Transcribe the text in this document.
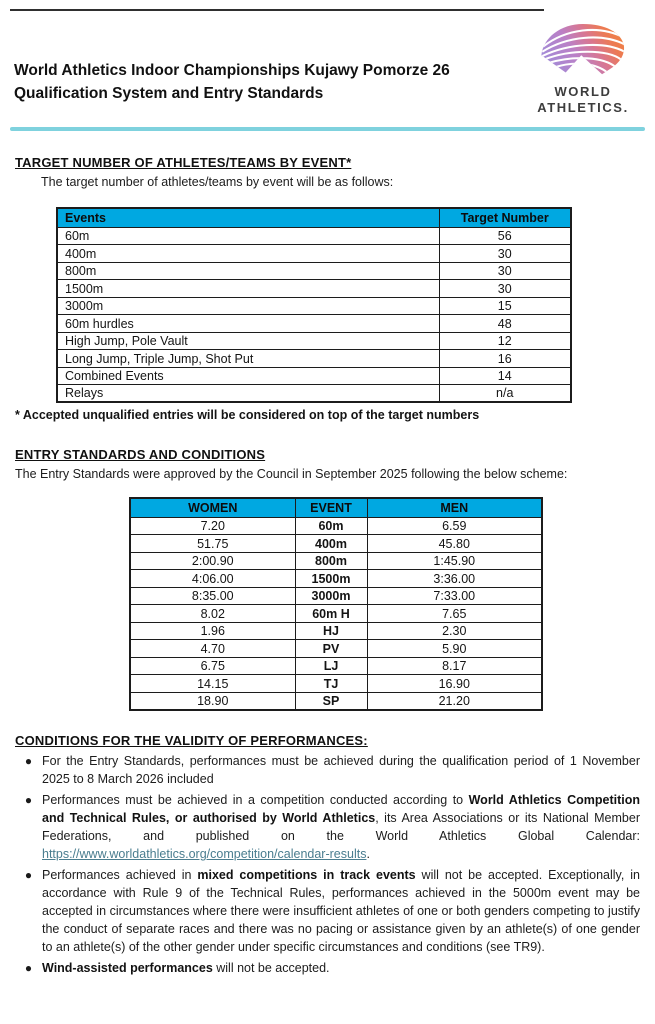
World Athletics Indoor Championships Kujawy Pomorze 26
Qualification System and Entry Standards	WORLD
ATHLETICS.
TARGET NUMBER OF ATHLETES/TEAMS BY EVENT*
The target number of athletes/teams by event will be as follows:
Events	Target Number
60m	56
400m	30
800m	30
1500m	30
3000m	15
60m hurdles	48
High Jump, Pole Vault	12
Long Jump, Triple Jump, Shot Put	16
Combined Events	14
Relays	n/a
* Accepted unqualified entries will be considered on top of the target numbers
ENTRY STANDARDS AND CONDITIONS
The Entry Standards were approved by the Council in September 2025 following the below scheme:
WOMEN	EVENT	MEN
7.20	60m	6.59
51.75	400m	45.80
2:00.90	800m	1:45.90
4:06.00	1500m	3:36.00
8:35.00	3000m	7:33.00
8.02	60m H	7.65
1.96	HJ	2.30
4.70	PV	5.90
6.75	LJ	8.17
14.15	TJ	16.90
18.90	SP	21.20
CONDITIONS FOR THE VALIDITY OF PERFORMANCES:
● For the Entry Standards, performances must be achieved during the qualification period of 1 November 2025 to 8 March 2026 included
● Performances must be achieved in a competition conducted according to World Athletics Competition and Technical Rules, or authorised by World Athletics, its Area Associations or its National Member Federations, and published on the World Athletics Global Calendar: https://www.worldathletics.org/competition/calendar-results.
● Performances achieved in mixed competitions in track events will not be accepted. Exceptionally, in accordance with Rule 9 of the Technical Rules, performances achieved in the 5000m event may be accepted in circumstances where there were insufficient athletes of one or both genders competing to justify the conduct of separate races and there was no pacing or assistance given by an athlete(s) of one gender to an athlete(s) of the other gender under specific circumstances and conditions (see TR9).
● Wind-assisted performances will not be accepted.
